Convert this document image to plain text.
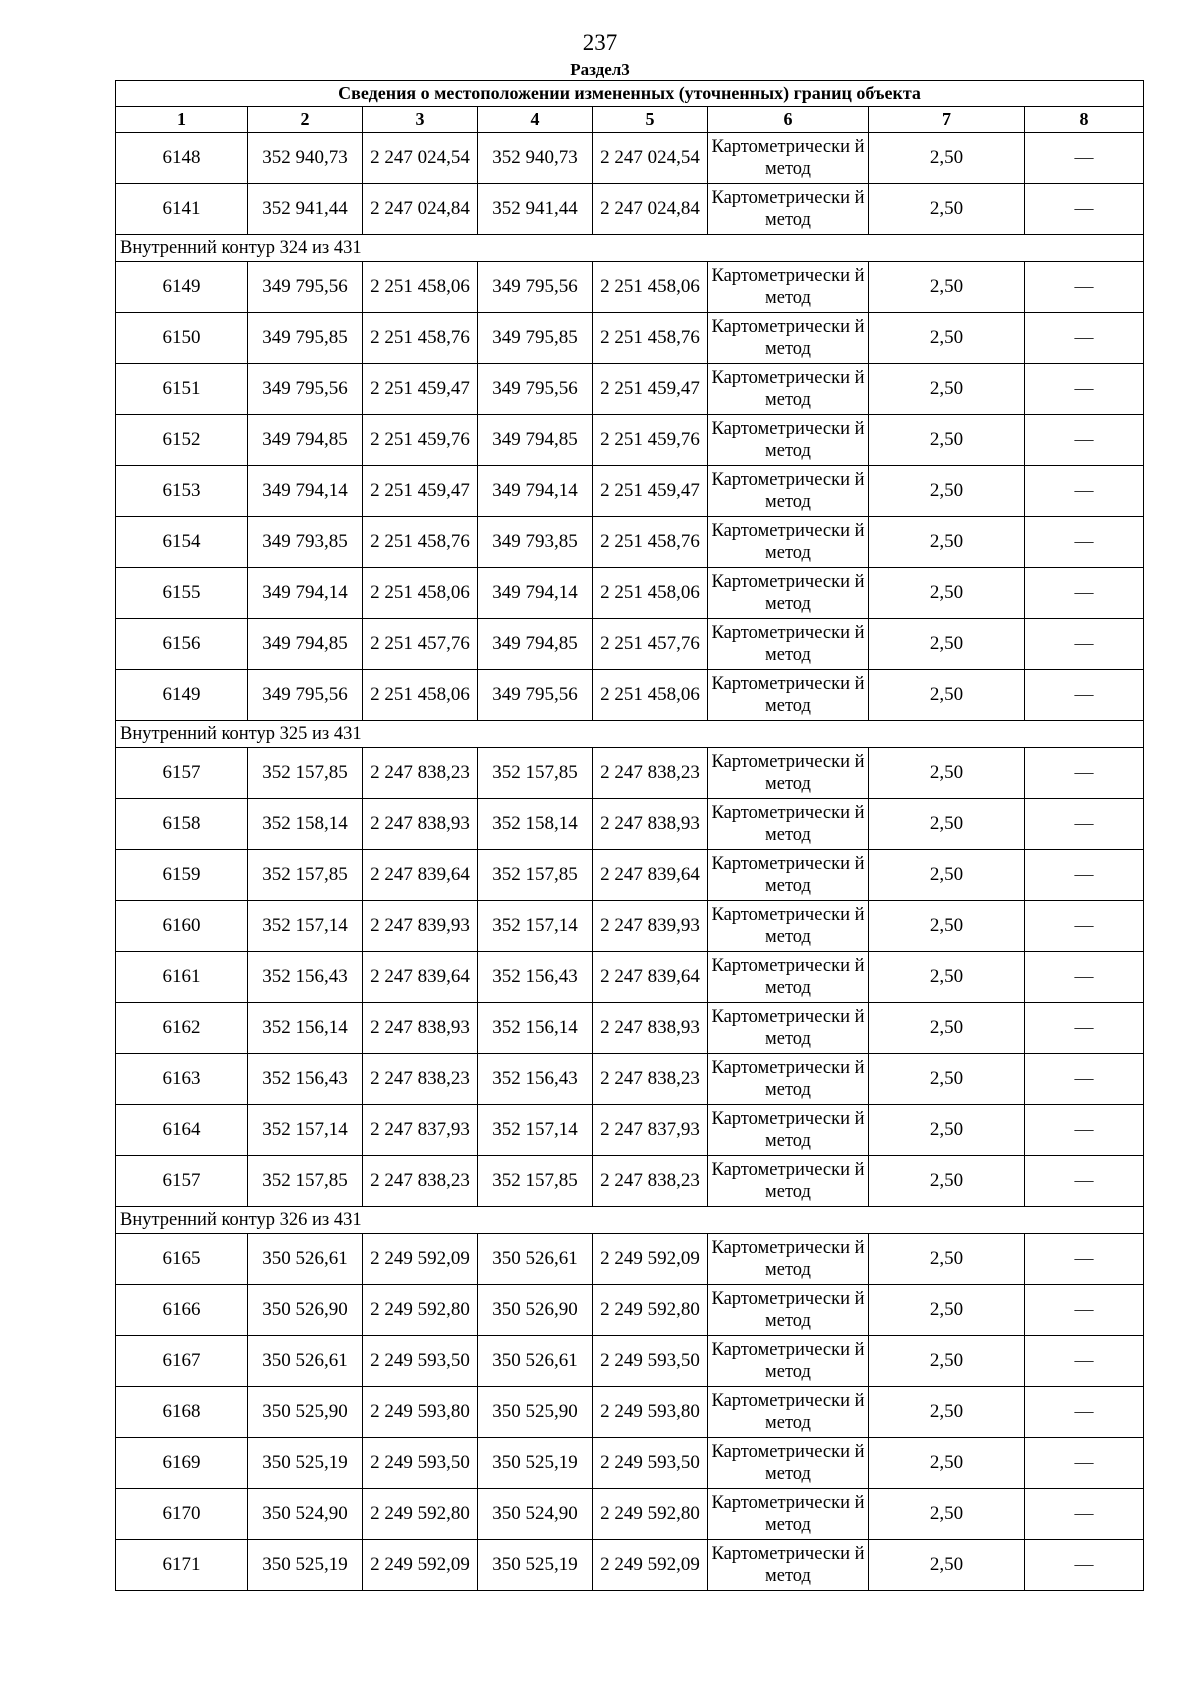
237
Раздел3
Сведения о местоположении измененных (уточненных) границ объекта							
1	2	3	4	5	6	7	8
6148	352 940,73	2 247 024,54	352 940,73	2 247 024,54	Картометрически й метод	2,50	—
6141	352 941,44	2 247 024,84	352 941,44	2 247 024,84	Картометрически й метод	2,50	—
Внутренний контур 324 из 431							
6149	349 795,56	2 251 458,06	349 795,56	2 251 458,06	Картометрически й метод	2,50	—
6150	349 795,85	2 251 458,76	349 795,85	2 251 458,76	Картометрически й метод	2,50	—
6151	349 795,56	2 251 459,47	349 795,56	2 251 459,47	Картометрически й метод	2,50	—
6152	349 794,85	2 251 459,76	349 794,85	2 251 459,76	Картометрически й метод	2,50	—
6153	349 794,14	2 251 459,47	349 794,14	2 251 459,47	Картометрически й метод	2,50	—
6154	349 793,85	2 251 458,76	349 793,85	2 251 458,76	Картометрически й метод	2,50	—
6155	349 794,14	2 251 458,06	349 794,14	2 251 458,06	Картометрически й метод	2,50	—
6156	349 794,85	2 251 457,76	349 794,85	2 251 457,76	Картометрически й метод	2,50	—
6149	349 795,56	2 251 458,06	349 795,56	2 251 458,06	Картометрически й метод	2,50	—
Внутренний контур 325 из 431							
6157	352 157,85	2 247 838,23	352 157,85	2 247 838,23	Картометрически й метод	2,50	—
6158	352 158,14	2 247 838,93	352 158,14	2 247 838,93	Картометрически й метод	2,50	—
6159	352 157,85	2 247 839,64	352 157,85	2 247 839,64	Картометрически й метод	2,50	—
6160	352 157,14	2 247 839,93	352 157,14	2 247 839,93	Картометрически й метод	2,50	—
6161	352 156,43	2 247 839,64	352 156,43	2 247 839,64	Картометрически й метод	2,50	—
6162	352 156,14	2 247 838,93	352 156,14	2 247 838,93	Картометрически й метод	2,50	—
6163	352 156,43	2 247 838,23	352 156,43	2 247 838,23	Картометрически й метод	2,50	—
6164	352 157,14	2 247 837,93	352 157,14	2 247 837,93	Картометрически й метод	2,50	—
6157	352 157,85	2 247 838,23	352 157,85	2 247 838,23	Картометрически й метод	2,50	—
Внутренний контур 326 из 431							
6165	350 526,61	2 249 592,09	350 526,61	2 249 592,09	Картометрически й метод	2,50	—
6166	350 526,90	2 249 592,80	350 526,90	2 249 592,80	Картометрически й метод	2,50	—
6167	350 526,61	2 249 593,50	350 526,61	2 249 593,50	Картометрически й метод	2,50	—
6168	350 525,90	2 249 593,80	350 525,90	2 249 593,80	Картометрически й метод	2,50	—
6169	350 525,19	2 249 593,50	350 525,19	2 249 593,50	Картометрически й метод	2,50	—
6170	350 524,90	2 249 592,80	350 524,90	2 249 592,80	Картометрически й метод	2,50	—
6171	350 525,19	2 249 592,09	350 525,19	2 249 592,09	Картометрически й метод	2,50	—
